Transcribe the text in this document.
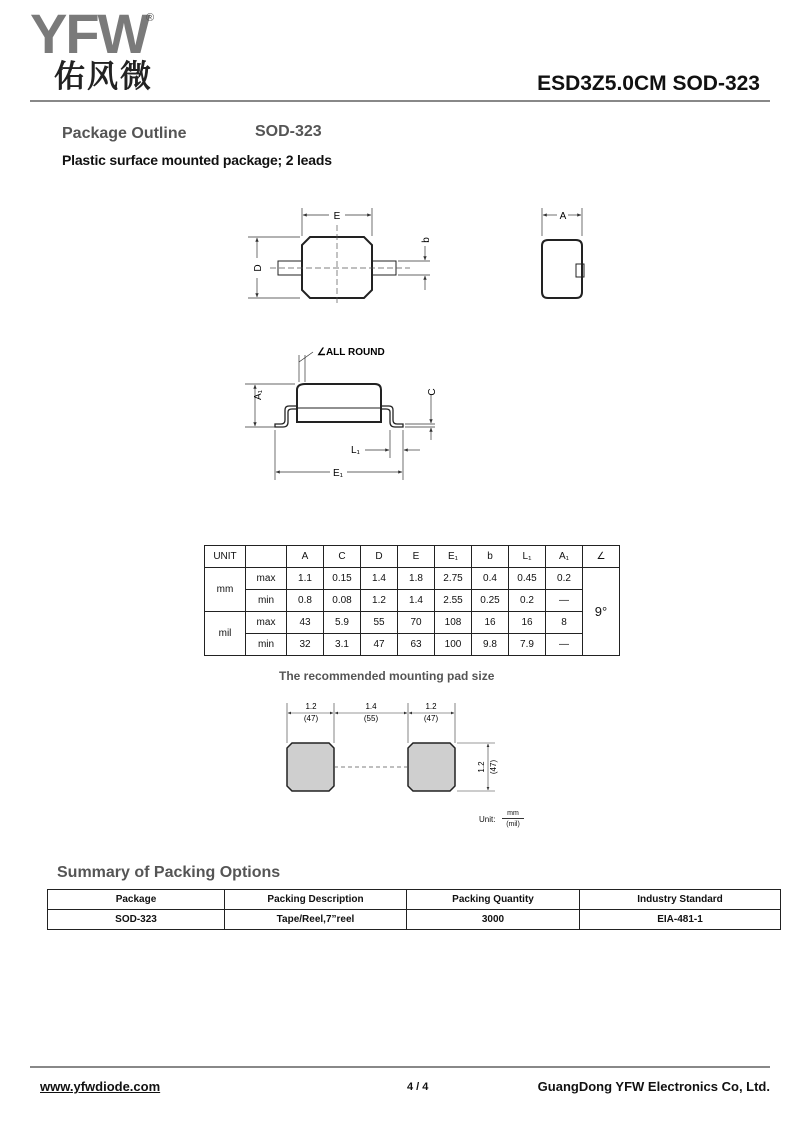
YFW
®
佑风微	ESD3Z5.0CM SOD-323
Package Outline	SOD-323
Plastic surface mounted package; 2 leads
E
D
b
A
∠ALL ROUND
A₁	C
L₁
E₁
UNIT		A	C	D	E	E₁	b	L₁	A₁	∠
mm	max	1.1	0.15	1.4	1.8	2.75	0.4	0.45	0.2	9°
	min	0.8	0.08	1.2	1.4	2.55	0.25	0.2	—	
mil	max	43	5.9	55	70	108	16	16	8	
	min	32	3.1	47	63	100	9.8	7.9	—	
The recommended mounting pad size
1.2
(47)
1.4
(55)
1.2
(47)
1.2 (47)
Unit:
mm
(mil)
Summary of Packing Options
Package	Packing Description	Packing Quantity	Industry Standard
SOD-323	Tape/Reel,7”reel	3000	EIA-481-1
www.yfwdiode.com	4 / 4	GuangDong YFW Electronics Co, Ltd.
